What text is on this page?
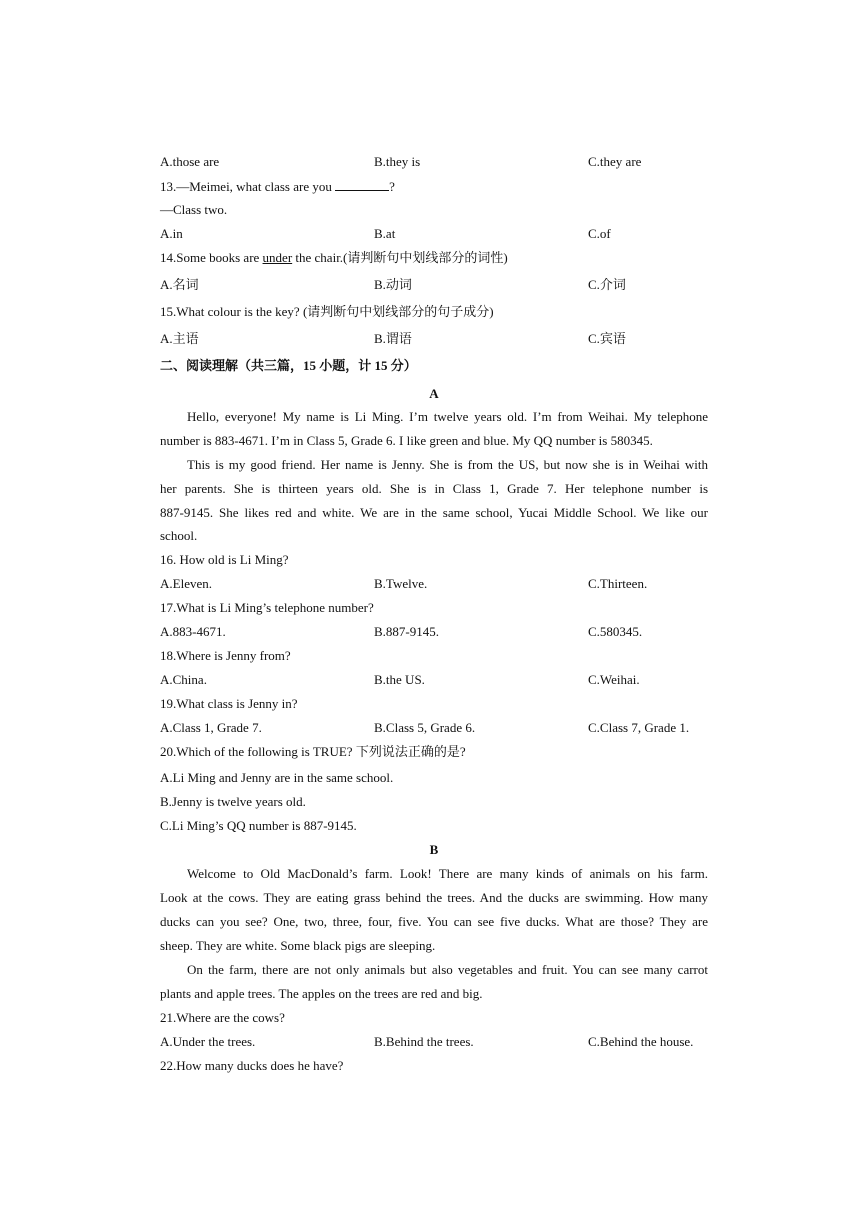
A.those are	B.they is	C.they are
13.—Meimei, what class are you	?
—Class two.
A.in	B.at	C.of
14.Some books are under the chair.(请判断句中划线部分的词性)
A.名词	B.动词	C.介词
15.What colour is the key? (请判断句中划线部分的句子成分)
A.主语	B.谓语	C.宾语
二、阅读理解（共三篇，15 小题，计 15 分）
A
Hello, everyone! My name is Li Ming. I’m twelve years old. I’m from Weihai. My telephone
number is 883-4671. I’m in Class 5, Grade 6. I like green and blue. My QQ number is 580345.
This is my good friend. Her name is Jenny. She is from the US, but now she is in Weihai with
her parents. She is thirteen years old. She is in Class 1, Grade 7. Her telephone number is
887-9145. She likes red and white. We are in the same school, Yucai Middle School. We like our
school.
16. How old is Li Ming?
A.Eleven.	B.Twelve.	C.Thirteen.
17.What is Li Ming’s telephone number?
A.883-4671.	B.887-9145.	C.580345.
18.Where is Jenny from?
A.China.	B.the US.	C.Weihai.
19.What class is Jenny in?
A.Class 1, Grade 7.	B.Class 5, Grade 6.	C.Class 7, Grade 1.
20.Which of the following is TRUE? 下列说法正确的是?
A.Li Ming and Jenny are in the same school.
B.Jenny is twelve years old.
C.Li Ming’s QQ number is 887-9145.
B
Welcome to Old MacDonald’s farm. Look! There are many kinds of animals on his farm.
Look at the cows. They are eating grass behind the trees. And the ducks are swimming. How many
ducks can you see? One, two, three, four, five. You can see five ducks. What are those? They are
sheep. They are white. Some black pigs are sleeping.
On the farm, there are not only animals but also vegetables and fruit. You can see many carrot
plants and apple trees. The apples on the trees are red and big.
21.Where are the cows?
A.Under the trees.	B.Behind the trees.	C.Behind the house.
22.How many ducks does he have?
